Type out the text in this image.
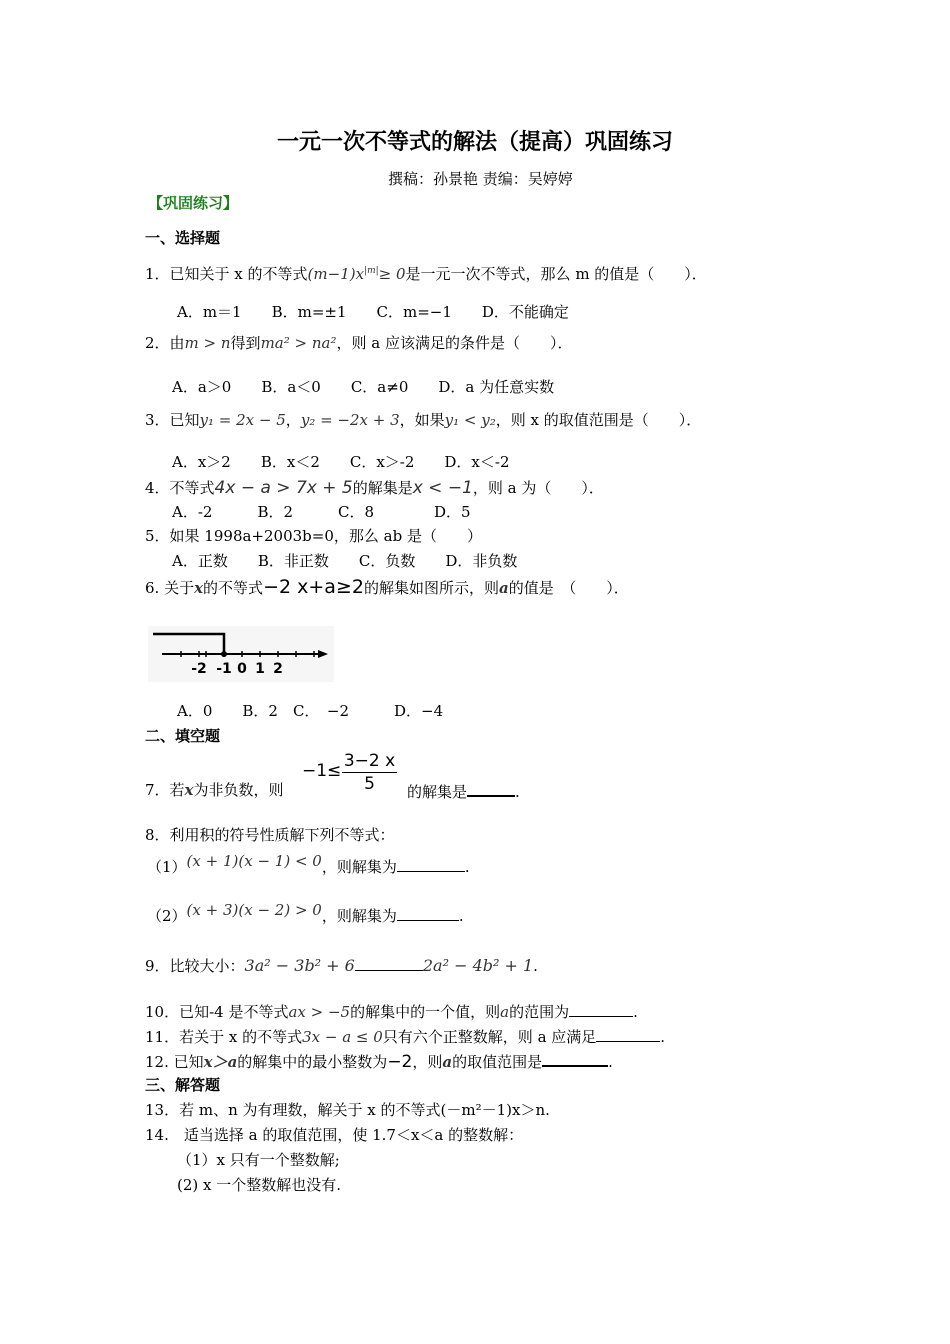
一元一次不等式的解法（提高）巩固练习
撰稿：孙景艳 责编：吴婷婷
【巩固练习】
一、选择题
1．已知关于 x 的不等式$(m-1)x^{|m|}\ge 0$是一元一次不等式，那么 m 的值是（　　）．
A．m＝1　　B．m=±1　　C．m=−1　　D．不能确定
2．由m > n得到ma² > na²，则 a 应该满足的条件是（　　）．
A．a＞0　　B．a＜0　　C．a≠0　　D．a 为任意实数
3．已知y₁ = 2x − 5，y₂ = −2x + 3，如果y₁ < y₂，则 x 的取值范围是（　　）．
A．x＞2　　B．x＜2　　C．x＞-2　　D．x＜-2
4．不等式4x − a > 7x + 5的解集是x < −1，则 a 为（　　）．
A．-2　　　B．2　　　C．8　　　　D．5
5．如果 1998a+2003b=0，那么 ab 是（　　）
A．正数　　B．非正数　　C．负数　　D．非负数
6. 关于x的不等式−2 x+a≥2的解集如图所示，则a的值是　（　　）．
-2 -1 0 1 2
A．0　　B．2　C．　−2　　　D．−4
二、填空题
7．若x为非负数，则
$-1\le \frac{3-2 x}{5}$ 的解集是	.
8．利用积的符号性质解下列不等式：
（1）(x + 1)(x − 1) < 0，则解集为	.
（2）(x + 3)(x − 2) > 0，则解集为	.
9．比较大小：3a² − 3b² + 6	2a² − 4b² + 1.
10．已知-4 是不等式ax > −5的解集中的一个值，则a的范围为	.
11．若关于 x 的不等式3x − a ≤ 0只有六个正整数解，则 a 应满足	.
12. 已知x＞a的解集中的最小整数为−2，则a的取值范围是	.
三、解答题
13．若 m、n 为有理数，解关于 x 的不等式(－m²－1)x＞n.
14.　适当选择 a 的取值范围，使 1.7＜x＜a 的整数解：
（1）x 只有一个整数解;
(2) x 一个整数解也没有.
